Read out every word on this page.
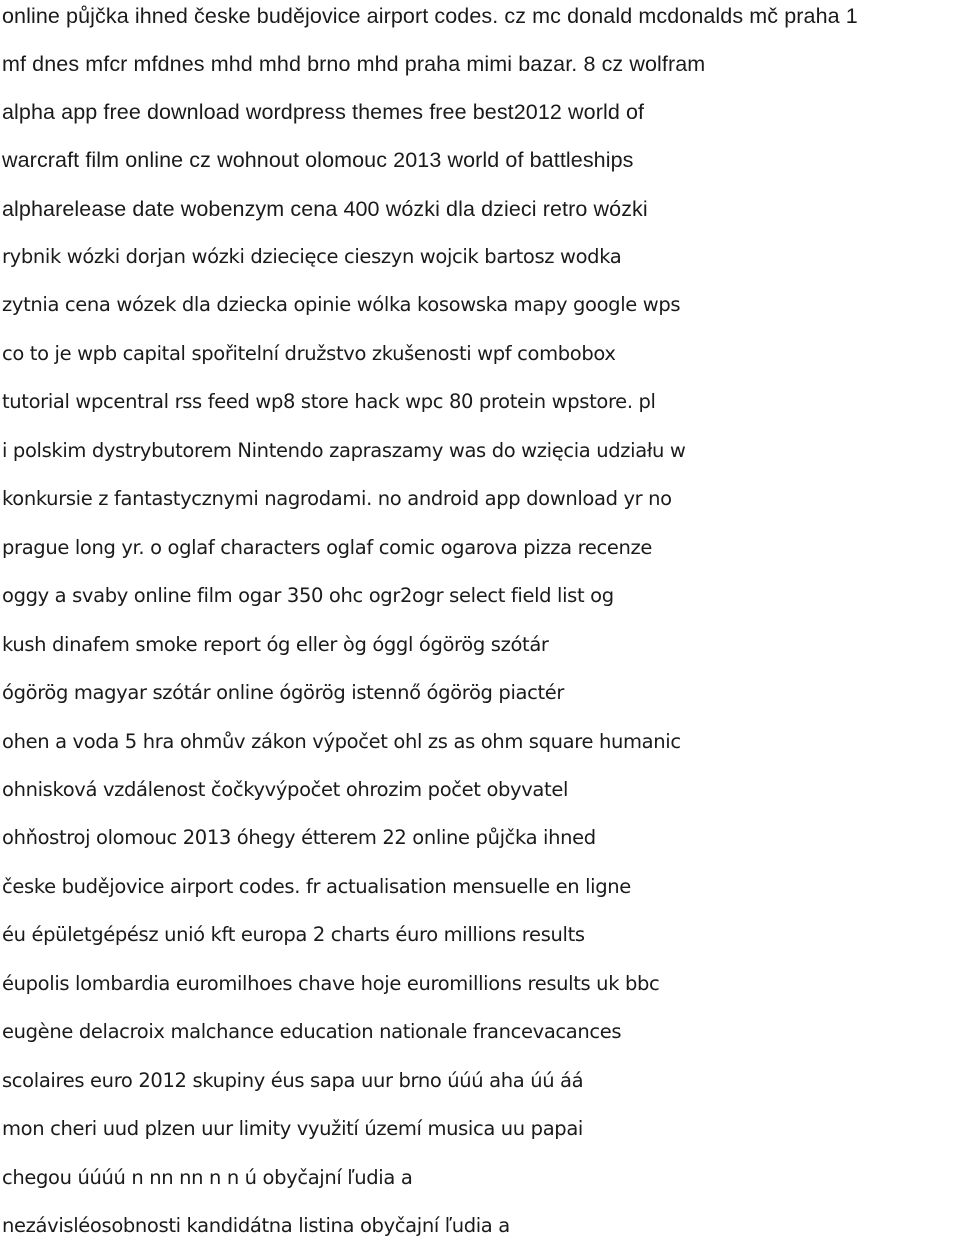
online půjčka ihned česke budějovice airport codes. cz mc donald mcdonalds mč praha 1
mf dnes mfcr mfdnes mhd mhd brno mhd praha mimi bazar. 8 cz wolfram
alpha app free download wordpress themes free best2012 world of
warcraft film online cz wohnout olomouc 2013 world of battleships
alpharelease date wobenzym cena 400 wózki dla dzieci retro wózki
rybnik wózki dorjan wózki dziecięce cieszyn wojcik bartosz wodka
zytnia cena wózek dla dziecka opinie wólka kosowska mapy google wps
co to je wpb capital spořitelní družstvo zkušenosti wpf combobox
tutorial wpcentral rss feed wp8 store hack wpc 80 protein wpstore. pl
i polskim dystrybutorem Nintendo zapraszamy was do wzięcia udziału w
konkursie z fantastycznymi nagrodami. no android app download yr no
prague long yr. o oglaf characters oglaf comic ogarova pizza recenze
oggy a svaby online film ogar 350 ohc ogr2ogr select field list og
kush dinafem smoke report óg eller òg óggl ógörög szótár
ógörög magyar szótár online ógörög istennő ógörög piactér
ohen a voda 5 hra ohmův zákon výpočet ohl zs as ohm square humanic
ohnisková vzdálenost čočkyvýpočet ohrozim počet obyvatel
ohňostroj olomouc 2013 óhegy étterem 22 online půjčka ihned
česke budějovice airport codes. fr actualisation mensuelle en ligne
éu épületgépész unió kft europa 2 charts éuro millions results
éupolis lombardia euromilhoes chave hoje euromillions results uk bbc
eugène delacroix malchance education nationale francevacances
scolaires euro 2012 skupiny éus sapa uur brno úúú aha úú áá
mon cheri uud plzen uur limity využití území musica uu papai
chegou úúúú n nn nn n n ú obyčajní ľudia a
nezávisléosobnosti kandidátna listina obyčajní ľudia a
